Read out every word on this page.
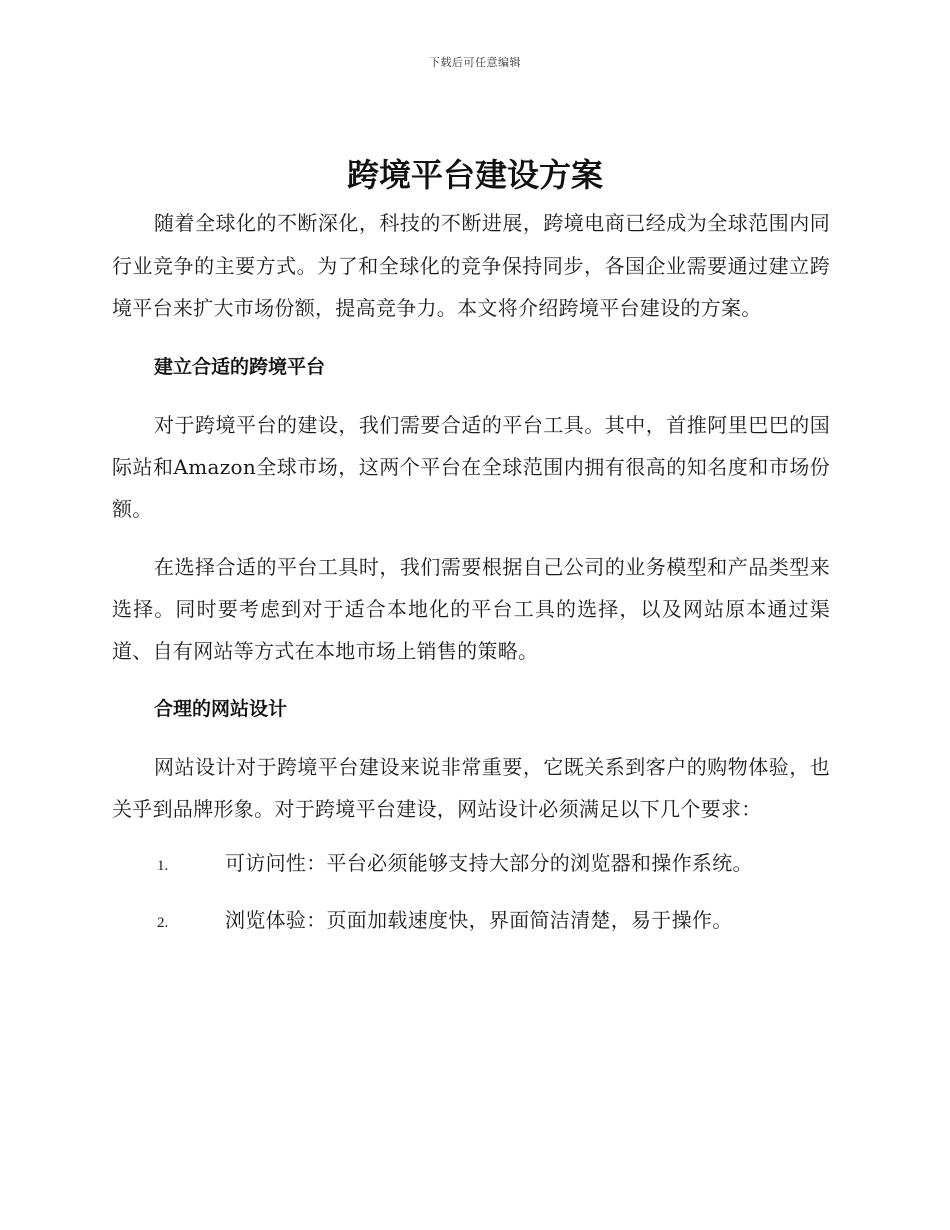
下载后可任意编辑
跨境平台建设方案

随着全球化的不断深化，科技的不断进展，跨境电商已经成为全球范围内同行业竞争的主要方式。为了和全球化的竞争保持同步，各国企业需要通过建立跨境平台来扩大市场份额，提高竞争力。本文将介绍跨境平台建设的方案。

建立合适的跨境平台

对于跨境平台的建设，我们需要合适的平台工具。其中，首推阿里巴巴的国际站和Amazon全球市场，这两个平台在全球范围内拥有很高的知名度和市场份额。

在选择合适的平台工具时，我们需要根据自己公司的业务模型和产品类型来选择。同时要考虑到对于适合本地化的平台工具的选择，以及网站原本通过渠道、自有网站等方式在本地市场上销售的策略。

合理的网站设计

网站设计对于跨境平台建设来说非常重要，它既关系到客户的购物体验，也关乎到品牌形象。对于跨境平台建设，网站设计必须满足以下几个要求：

1.	可访问性：平台必须能够支持大部分的浏览器和操作系统。
2.	浏览体验：页面加载速度快，界面简洁清楚，易于操作。
